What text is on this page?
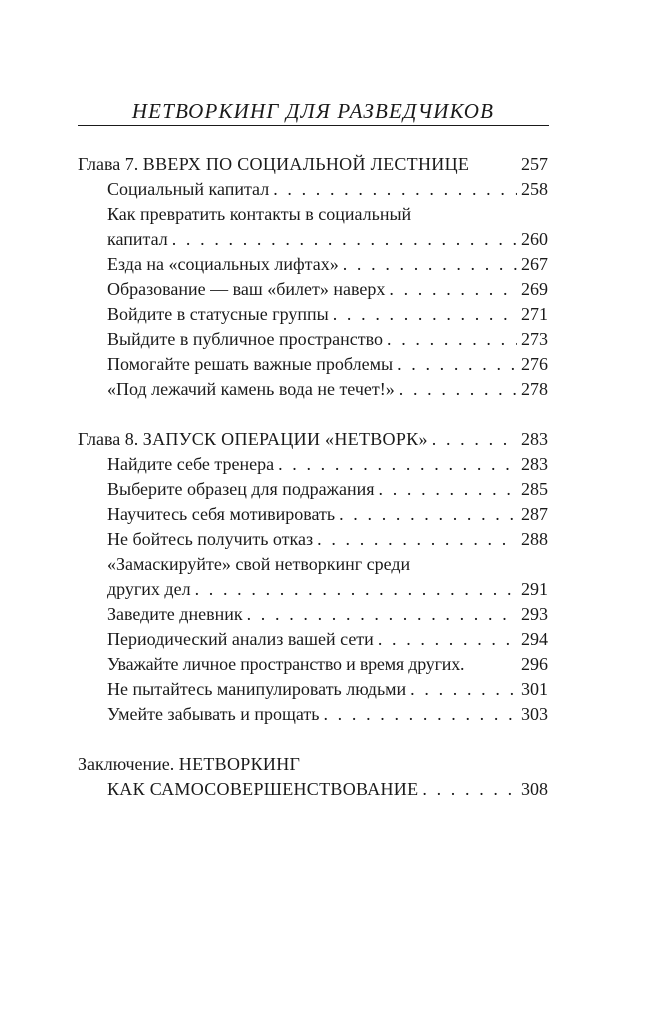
НЕТВОРКИНГ ДЛЯ РАЗВЕДЧИКОВ
Глава 7.
ВВЕРХ ПО СОЦИАЛЬНОЙ ЛЕСТНИЦЕ	257
Социальный капитал . . .	258
Как превратить контакты в социальный
капитал . . .	260
Езда на «социальных лифтах» . . .	267
Образование — ваш «билет» наверх . . .	269
Войдите в статусные группы . . .	271
Выйдите в публичное пространство . . .	273
Помогайте решать важные проблемы . . .	276
«Под лежачий камень вода не течет!» . . .	278
Глава 8.
ЗАПУСК ОПЕРАЦИИ «НЕТВОРК» . . .	283
Найдите себе тренера . . .	283
Выберите образец для подражания . . .	285
Научитесь себя мотивировать . . .	287
Не бойтесь получить отказ . . .	288
«Замаскируйте» свой нетворкинг среди
других дел . . .	291
Заведите дневник . . .	293
Периодический анализ вашей сети . . .	294
Уважайте личное пространство и время других.	296
Не пытайтесь манипулировать людьми . . .	301
Умейте забывать и прощать . . .	303
Заключение.
НЕТВОРКИНГ
КАК САМОСОВЕРШЕНСТВОВАНИЕ . . .	308
